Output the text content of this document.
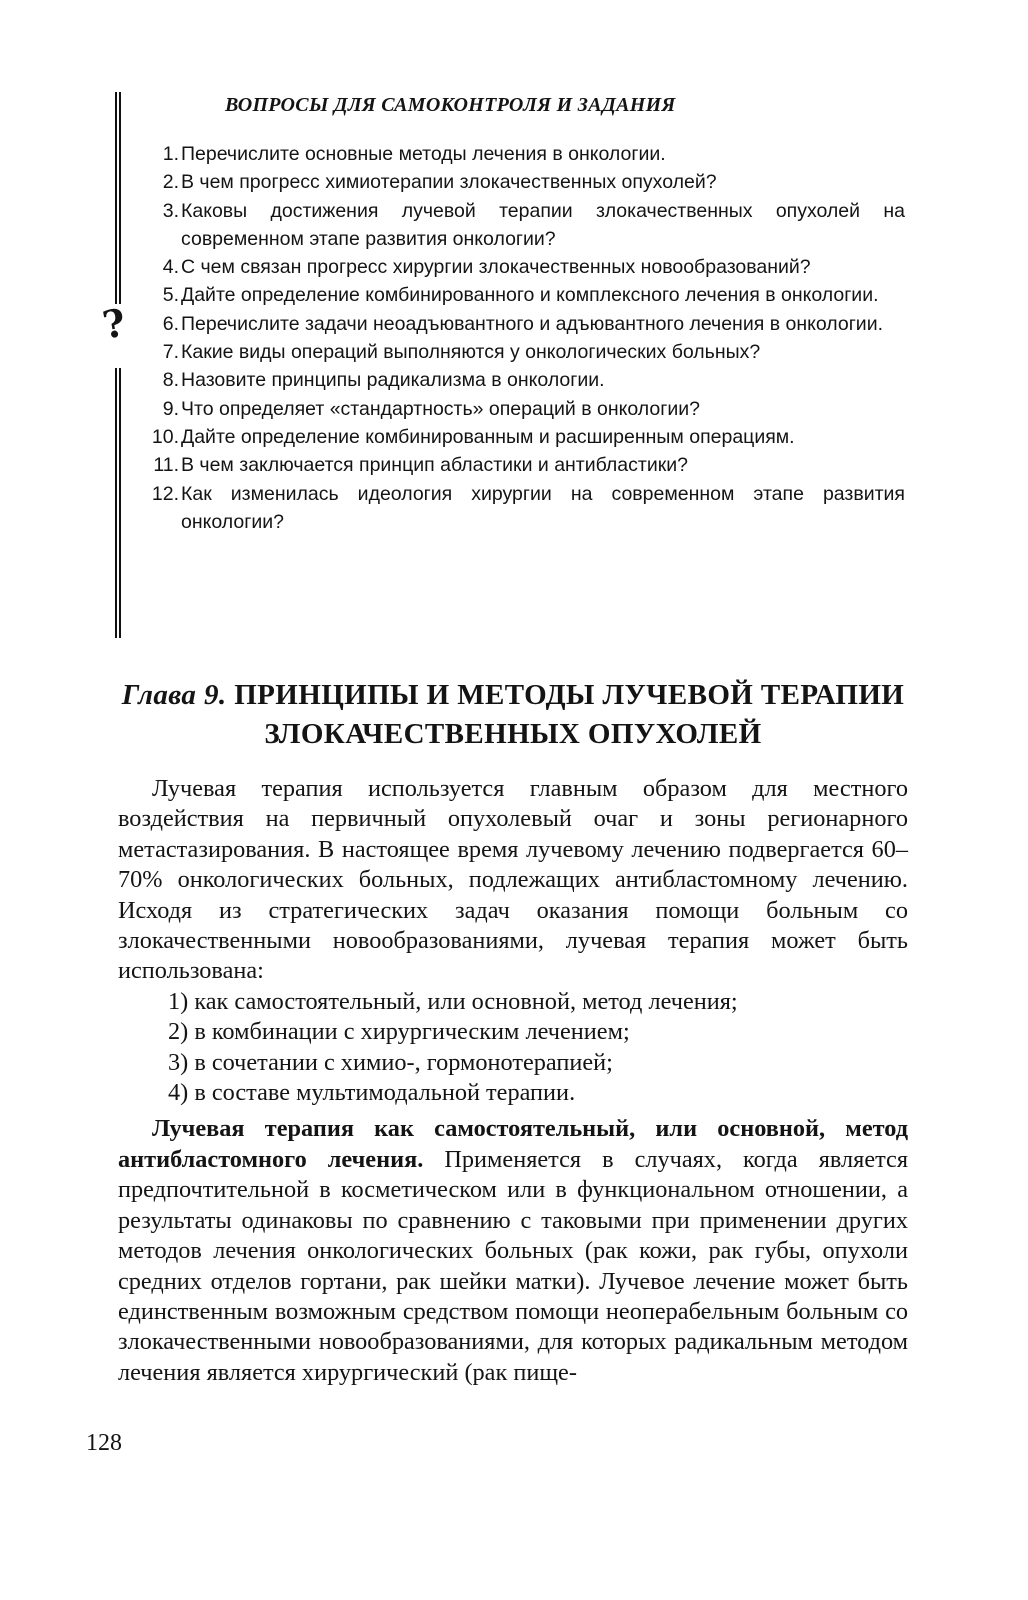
?
ВОПРОСЫ ДЛЯ САМОКОНТРОЛЯ И ЗАДАНИЯ
1. Перечислите основные методы лечения в онкологии.
2. В чем прогресс химиотерапии злокачественных опухолей?
3. Каковы достижения лучевой терапии злокачественных опухолей на современном этапе развития онкологии?
4. С чем связан прогресс хирургии злокачественных новообразований?
5. Дайте определение комбинированного и комплексного лечения в онкологии.
6. Перечислите задачи неоадъювантного и адъювантного лечения в онкологии.
7. Какие виды операций выполняются у онкологических больных?
8. Назовите принципы радикализма в онкологии.
9. Что определяет «стандартность» операций в онкологии?
10. Дайте определение комбинированным и расширенным операциям.
11. В чем заключается принцип абластики и антибластики?
12. Как изменилась идеология хирургии на современном этапе развития онкологии?
Глава 9. ПРИНЦИПЫ И МЕТОДЫ ЛУЧЕВОЙ ТЕРАПИИ ЗЛОКАЧЕСТВЕННЫХ ОПУХОЛЕЙ

Лучевая терапия используется главным образом для местного воздействия на первичный опухолевый очаг и зоны регионарного метастазирования. В настоящее время лучевому лечению подвергается 60–70% онкологических больных, подлежащих антибластомному лечению. Исходя из стратегических задач оказания помощи больным со злокачественными новообразованиями, лучевая терапия может быть использована:

1) как самостоятельный, или основной, метод лечения;

2) в комбинации с хирургическим лечением;

3) в сочетании с химио-, гормонотерапией;

4) в составе мультимодальной терапии.

Лучевая терапия как самостоятельный, или основной, метод антибластомного лечения. Применяется в случаях, когда является предпочтительной в косметическом или в функциональном отношении, а результаты одинаковы по сравнению с таковыми при применении других методов лечения онкологических больных (рак кожи, рак губы, опухоли средних отделов гортани, рак шейки матки). Лучевое лечение может быть единственным возможным средством помощи неоперабельным больным со злокачественными новообразованиями, для которых радикальным методом лечения является хирургический (рак пище-

128
